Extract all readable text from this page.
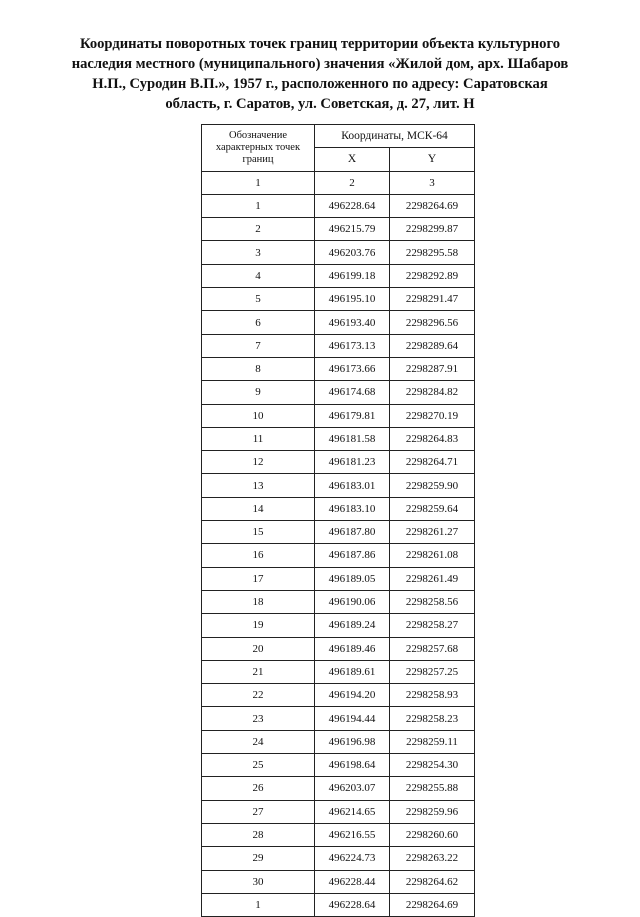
Координаты поворотных точек границ территории объекта культурного
наследия местного (муниципального) значения «Жилой дом, арх. Шабаров
Н.П., Суродин В.П.», 1957 г., расположенного по адресу: Саратовская
область, г. Саратов, ул. Советская, д. 27, лит. Н
Обозначение характерных точек границ	Координаты, МСК-64	
	X	Y
1	2	3
1	496228.64	2298264.69
2	496215.79	2298299.87
3	496203.76	2298295.58
4	496199.18	2298292.89
5	496195.10	2298291.47
6	496193.40	2298296.56
7	496173.13	2298289.64
8	496173.66	2298287.91
9	496174.68	2298284.82
10	496179.81	2298270.19
11	496181.58	2298264.83
12	496181.23	2298264.71
13	496183.01	2298259.90
14	496183.10	2298259.64
15	496187.80	2298261.27
16	496187.86	2298261.08
17	496189.05	2298261.49
18	496190.06	2298258.56
19	496189.24	2298258.27
20	496189.46	2298257.68
21	496189.61	2298257.25
22	496194.20	2298258.93
23	496194.44	2298258.23
24	496196.98	2298259.11
25	496198.64	2298254.30
26	496203.07	2298255.88
27	496214.65	2298259.96
28	496216.55	2298260.60
29	496224.73	2298263.22
30	496228.44	2298264.62
1	496228.64	2298264.69
